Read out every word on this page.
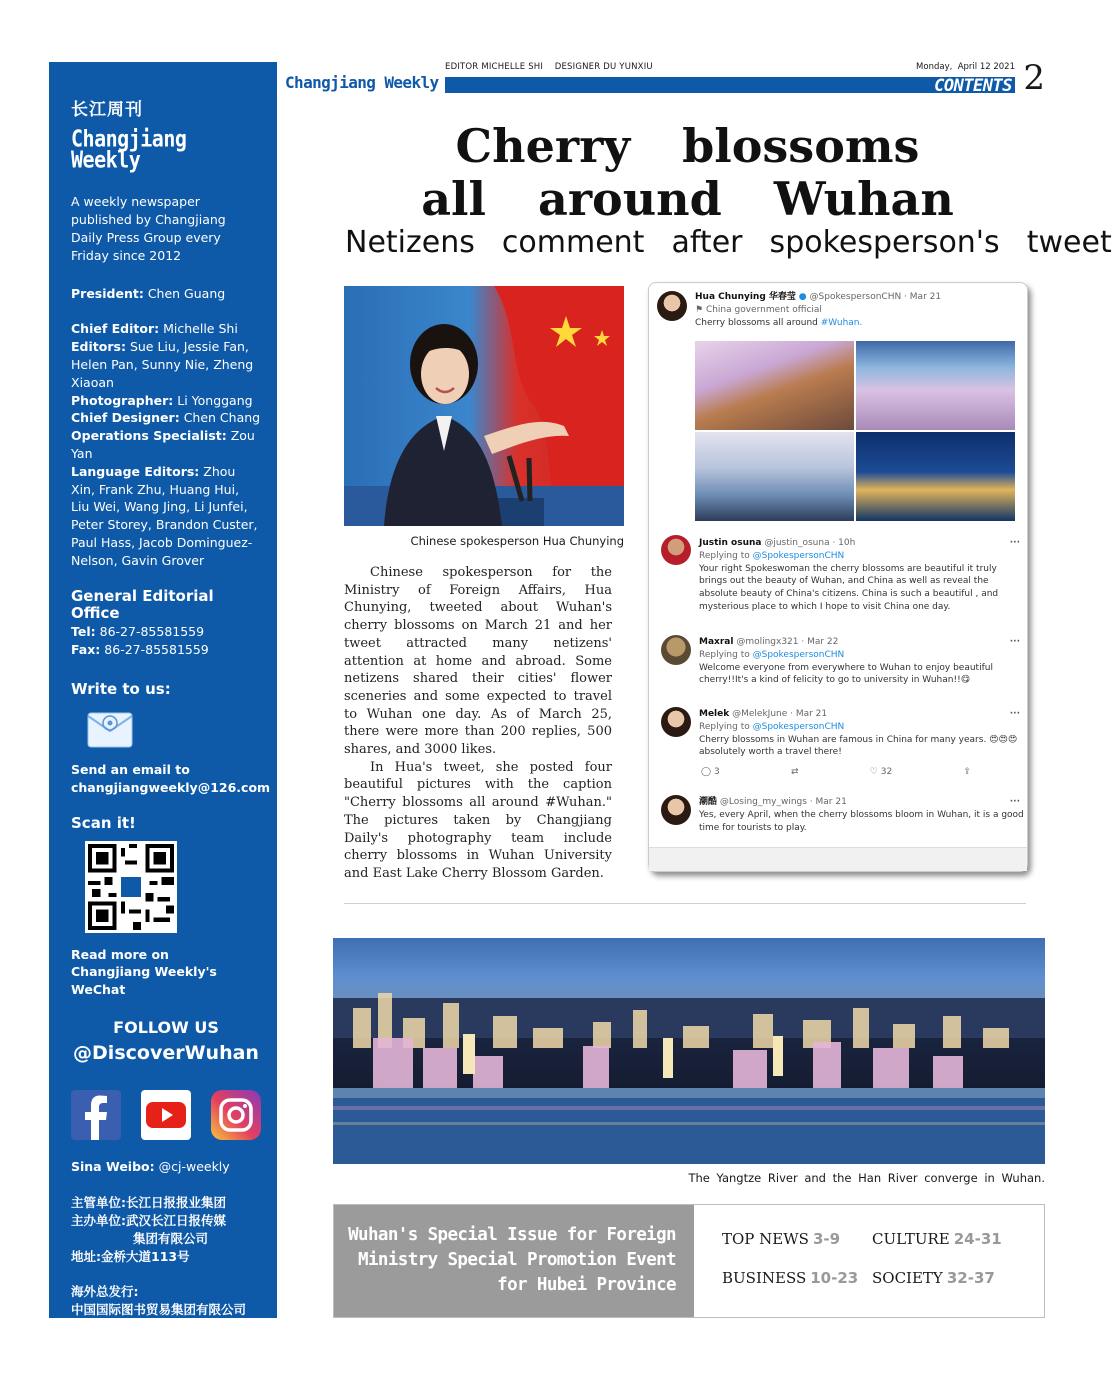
长江周刊
Changjiang Weekly
A weekly newspaper published by Changjiang Daily Press Group every Friday since 2012
President: Chen Guang
Chief Editor: Michelle Shi
Editors: Sue Liu, Jessie Fan, Helen Pan, Sunny Nie, Zheng Xiaoan
Photographer: Li Yonggang
Chief Designer: Chen Chang
Operations Specialist: Zou Yan
Language Editors: Zhou Xin, Frank Zhu, Huang Hui, Liu Wei, Wang Jing, Li Junfei, Peter Storey, Brandon Custer, Paul Hass, Jacob Dominguez-Nelson, Gavin Grover
General Editorial Office
Tel: 86-27-85581559
Fax: 86-27-85581559
Write to us:
Send an email to
changjiangweekly@126.com
Scan it!
Read more on
Changjiang Weekly's WeChat
FOLLOW US
@DiscoverWuhan
Sina Weibo: @cj-weekly
主管单位:长江日报报业集团
主办单位:武汉长江日报传媒
集团有限公司
地址:金桥大道113号
海外总发行:
中国国际图书贸易集团有限公司
海外发行代号: wk9388
Price: 4 yuan
Changjiang Weekly
EDITOR MICHELLE SHI    DESIGNER DU YUNXIU	Monday,  April 12 2021
CONTENTS 2
Cherry  blossoms
all  around  Wuhan
Netizens  comment  after  spokesperson's  tweet
Chinese spokesperson Hua Chunying

Chinese spokesperson for the Ministry of Foreign Affairs, Hua Chunying, tweeted about Wuhan's cherry blossoms on March 21 and her tweet attracted many netizens' attention at home and abroad. Some netizens shared their cities' flower sceneries and some expected to travel to Wuhan one day. As of March 25, there were more than 200 replies, 500 shares, and 3000 likes.

In Hua's tweet, she posted four beautiful pictures with the caption "Cherry blossoms all around #Wuhan." The pictures taken by Changjiang Daily's photography team include cherry blossoms in Wuhan University and East Lake Cherry Blossom Garden.

Hua Chunying 华春莹 ● @SpokespersonCHN · Mar 21
⚑ China government official
Cherry blossoms all around #Wuhan.
Justin osuna @justin_osuna · 10h	···
Replying to @SpokespersonCHN
Your right Spokeswoman the cherry blossoms are beautiful it truly brings out the beauty of Wuhan, and China as well as reveal the absolute beauty of China's citizens. China is such a beautiful , and mysterious place to which I hope to visit China one day.
Maxral @molingx321 · Mar 22	···
Replying to @SpokespersonCHN
Welcome everyone from everywhere to Wuhan to enjoy beautiful cherry!!It's a kind of felicity to go to university in Wuhan!!😋
Melek @MelekJune · Mar 21	···
Replying to @SpokespersonCHN
Cherry blossoms in Wuhan are famous in China for many years. 😍😍😍 absolutely worth a travel there!
◯ 3	⇄	♡ 32	⇪
潮酷 @Losing_my_wings · Mar 21	···
Yes, every April, when the cherry blossoms bloom in Wuhan, it is a good time for tourists to play.
The Yangtze River and the Han River converge in Wuhan.
Wuhan's Special Issue for Foreign
Ministry Special Promotion Event
for Hubei Province
TOP NEWS 3-9	CULTURE 24-31
BUSINESS 10-23 SOCIETY 32-37
